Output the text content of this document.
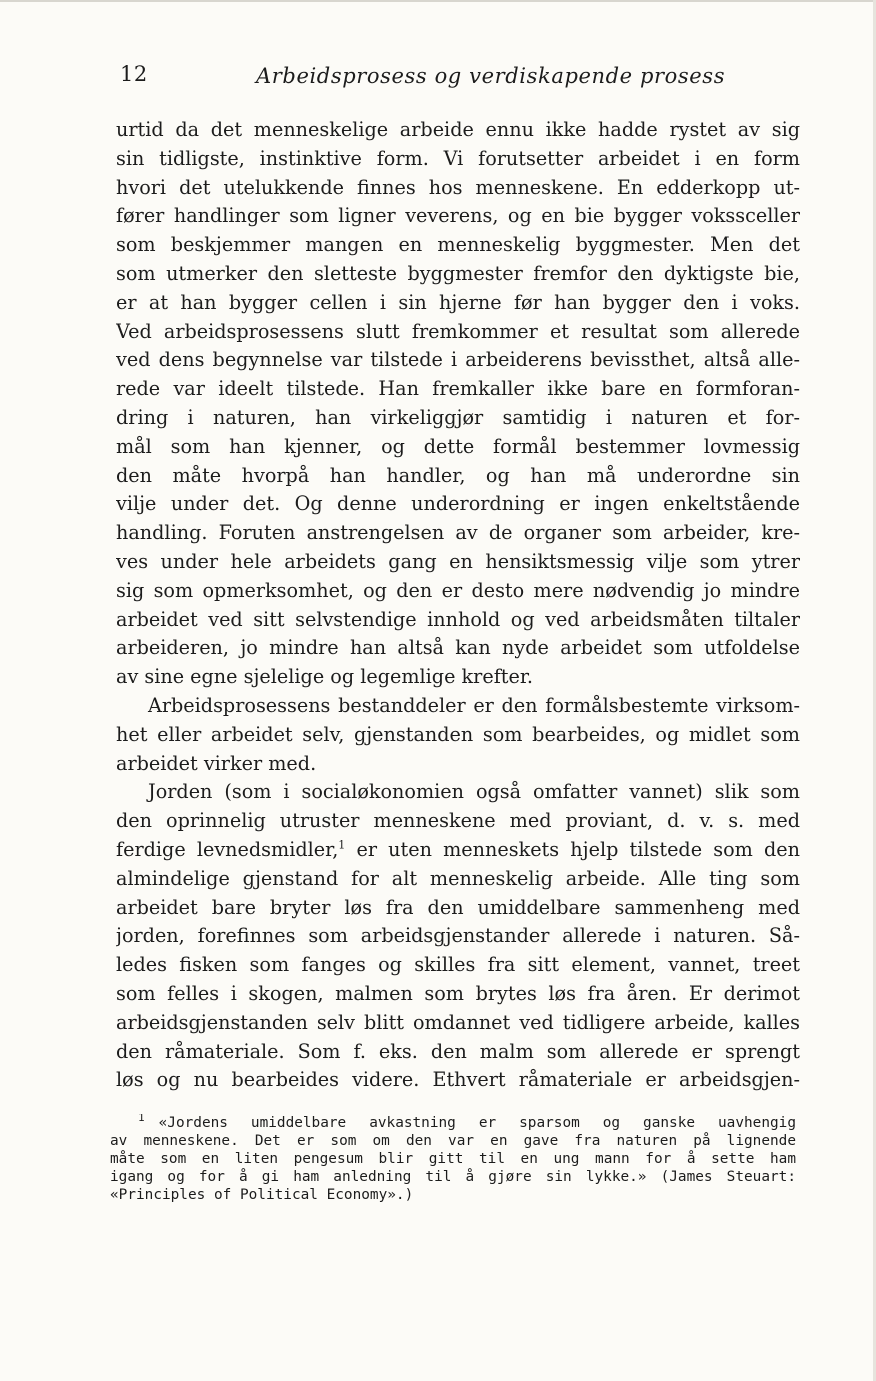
12	Arbeidsprosess og verdiskapende prosess
urtid da det menneskelige arbeide ennu ikke hadde rystet av sig
sin tidligste, instinktive form. Vi forutsetter arbeidet i en form
hvori det utelukkende finnes hos menneskene. En edderkopp ut-
fører handlinger som ligner veverens, og en bie bygger vokssceller
som beskjemmer mangen en menneskelig byggmester. Men det
som utmerker den sletteste byggmester fremfor den dyktigste bie,
er at han bygger cellen i sin hjerne før han bygger den i voks.
Ved arbeidsprosessens slutt fremkommer et resultat som allerede
ved dens begynnelse var tilstede i arbeiderens bevissthet, altså alle-
rede var ideelt tilstede. Han fremkaller ikke bare en formforan-
dring i naturen, han virkeliggjør samtidig i naturen et for-
mål som han kjenner, og dette formål bestemmer lovmessig
den måte hvorpå han handler, og han må underordne sin
vilje under det. Og denne underordning er ingen enkeltstående
handling. Foruten anstrengelsen av de organer som arbeider, kre-
ves under hele arbeidets gang en hensiktsmessig vilje som ytrer
sig som opmerksomhet, og den er desto mere nødvendig jo mindre
arbeidet ved sitt selvstendige innhold og ved arbeidsmåten tiltaler
arbeideren, jo mindre han altså kan nyde arbeidet som utfoldelse
av sine egne sjelelige og legemlige krefter.
Arbeidsprosessens bestanddeler er den formålsbestemte virksom-
het eller arbeidet selv, gjenstanden som bearbeides, og midlet som
arbeidet virker med.
Jorden (som i socialøkonomien også omfatter vannet) slik som
den oprinnelig utruster menneskene med proviant, d. v. s. med
ferdige levnedsmidler,$^1$ er uten menneskets hjelp tilstede som den
almindelige gjenstand for alt menneskelig arbeide. Alle ting som
arbeidet bare bryter løs fra den umiddelbare sammenheng med
jorden, forefinnes som arbeidsgjenstander allerede i naturen. Så-
ledes fisken som fanges og skilles fra sitt element, vannet, treet
som felles i skogen, malmen som brytes løs fra åren. Er derimot
arbeidsgjenstanden selv blitt omdannet ved tidligere arbeide, kalles
den råmateriale. Som f. eks. den malm som allerede er sprengt
løs og nu bearbeides videre. Ethvert råmateriale er arbeidsgjen-
$^1$ «Jordens umiddelbare avkastning er sparsom og ganske uavhengig
av menneskene. Det er som om den var en gave fra naturen på lignende
måte som en liten pengesum blir gitt til en ung mann for å sette ham
igang og for å gi ham anledning til å gjøre sin lykke.» (James Steuart:
«Principles of Political Economy».)
